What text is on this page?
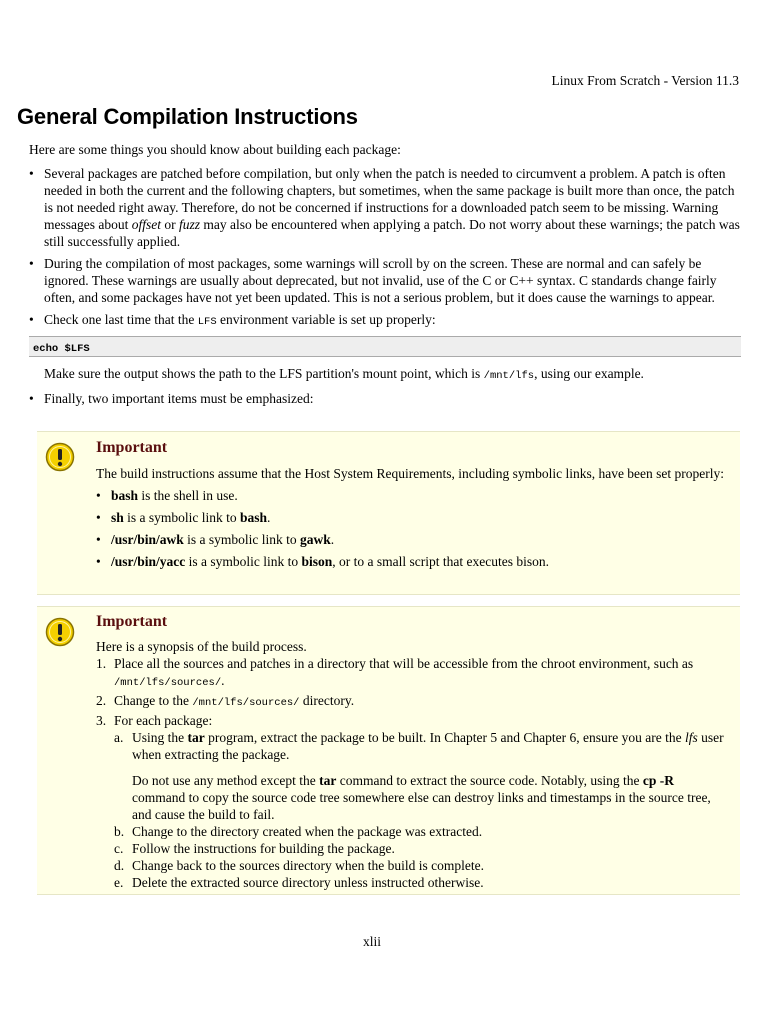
Linux From Scratch - Version 11.3
General Compilation Instructions

Here are some things you should know about building each package:

• Several packages are patched before compilation, but only when the patch is needed to circumvent a problem. A patch is often needed in both the current and the following chapters, but sometimes, when the same package is built more than once, the patch is not needed right away. Therefore, do not be concerned if instructions for a downloaded patch seem to be missing. Warning messages about offset or fuzz may also be encountered when applying a patch. Do not worry about these warnings; the patch was still successfully applied.
• During the compilation of most packages, some warnings will scroll by on the screen. These are normal and can safely be ignored. These warnings are usually about deprecated, but not invalid, use of the C or C++ syntax. C standards change fairly often, and some packages have not yet been updated. This is not a serious problem, but it does cause the warnings to appear.
• Check one last time that the LFS environment variable is set up properly:
echo $LFS

Make sure the output shows the path to the LFS partition's mount point, which is /mnt/lfs, using our example.

• Finally, two important items must be emphasized:
Important

The build instructions assume that the Host System Requirements, including symbolic links, have been set properly:

• bash is the shell in use.
• sh is a symbolic link to bash.
• /usr/bin/awk is a symbolic link to gawk.
• /usr/bin/yacc is a symbolic link to bison, or to a small script that executes bison.
Important

Here is a synopsis of the build process.

1. Place all the sources and patches in a directory that will be accessible from the chroot environment, such as /mnt/lfs/sources/.
2. Change to the /mnt/lfs/sources/ directory.
3. For each package:
a. Using the tar program, extract the package to be built. In Chapter 5 and Chapter 6, ensure you are the lfs user when extracting the package.

Do not use any method except the tar command to extract the source code. Notably, using the cp -R command to copy the source code tree somewhere else can destroy links and timestamps in the source tree, and cause the build to fail.

b. Change to the directory created when the package was extracted.
c. Follow the instructions for building the package.
d. Change back to the sources directory when the build is complete.
e. Delete the extracted source directory unless instructed otherwise.
xlii
